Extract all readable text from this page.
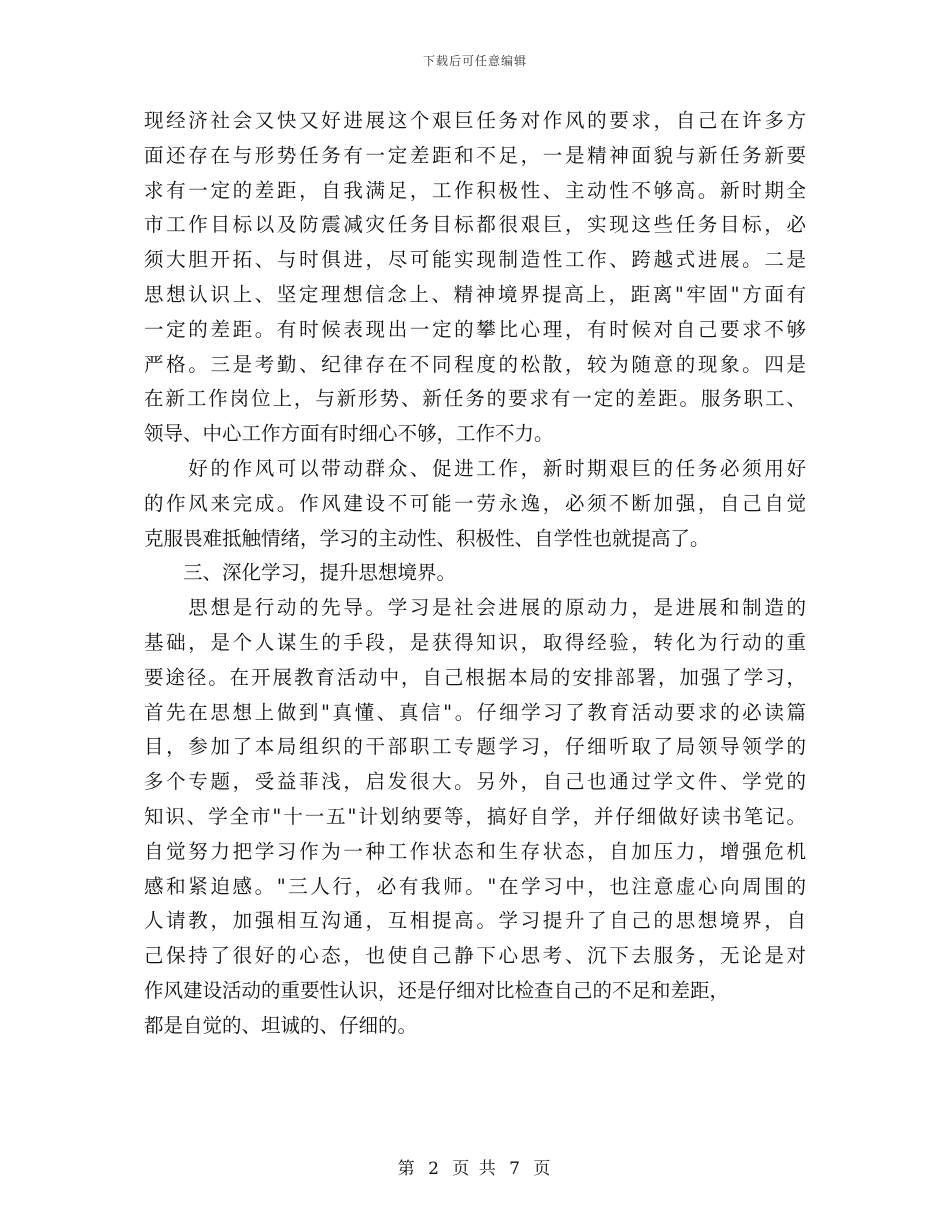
下载后可任意编辑
现经济社会又快又好进展这个艰巨任务对作风的要求，自己在许多方
面还存在与形势任务有一定差距和不足，一是精神面貌与新任务新要
求有一定的差距，自我满足，工作积极性、主动性不够高。新时期全
市工作目标以及防震减灾任务目标都很艰巨，实现这些任务目标，必
须大胆开拓、与时俱进，尽可能实现制造性工作、跨越式进展。二是
思想认识上、坚定理想信念上、精神境界提高上，距离"牢固"方面有
一定的差距。有时候表现出一定的攀比心理，有时候对自己要求不够
严格。三是考勤、纪律存在不同程度的松散，较为随意的现象。四是
在新工作岗位上，与新形势、新任务的要求有一定的差距。服务职工、
领导、中心工作方面有时细心不够，工作不力。
　　好的作风可以带动群众、促进工作，新时期艰巨的任务必须用好
的作风来完成。作风建设不可能一劳永逸，必须不断加强，自己自觉
克服畏难抵触情绪，学习的主动性、积极性、自学性也就提高了。
　　三、深化学习，提升思想境界。
　　思想是行动的先导。学习是社会进展的原动力，是进展和制造的
基础，是个人谋生的手段，是获得知识，取得经验，转化为行动的重
要途径。在开展教育活动中，自己根据本局的安排部署，加强了学习，
首先在思想上做到"真懂、真信"。仔细学习了教育活动要求的必读篇
目，参加了本局组织的干部职工专题学习，仔细听取了局领导领学的
多个专题，受益菲浅，启发很大。另外，自己也通过学文件、学党的
知识、学全市"十一五"计划纳要等，搞好自学，并仔细做好读书笔记。
自觉努力把学习作为一种工作状态和生存状态，自加压力，增强危机
感和紧迫感。"三人行，必有我师。"在学习中，也注意虚心向周围的
人请教，加强相互沟通，互相提高。学习提升了自己的思想境界，自
己保持了很好的心态，也使自己静下心思考、沉下去服务，无论是对
作风建设活动的重要性认识，还是仔细对比检查自己的不足和差距，
都是自觉的、坦诚的、仔细的。
第 2 页 共 7 页
